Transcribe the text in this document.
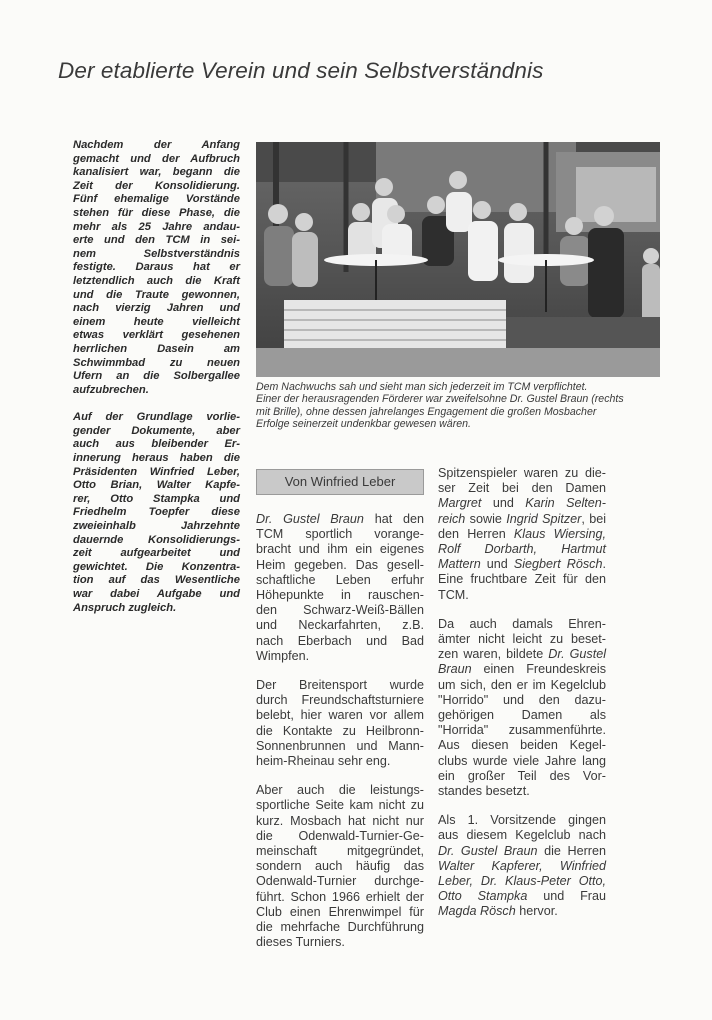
Der etablierte Verein und sein Selbstverständnis

Nachdem der Anfang
gemacht und der Aufbruch
kanalisiert war, begann die
Zeit der Konsolidierung.
Fünf ehemalige Vorstände
stehen für diese Phase, die
mehr als 25 Jahre andau-
erte und den TCM in sei-
nem Selbstverständnis
festigte. Daraus hat er
letztendlich auch die Kraft
und die Traute gewonnen,
nach vierzig Jahren und
einem heute vielleicht
etwas verklärt gesehenen
herrlichen Dasein am
Schwimmbad zu neuen
Ufern an die Solbergallee
aufzubrechen.

Auf der Grundlage vorlie-
gender Dokumente, aber
auch aus bleibender Er-
innerung heraus haben die
Präsidenten Winfried Leber,
Otto Brian, Walter Kapfe-
rer, Otto Stampka und
Friedhelm Toepfer diese
zweieinhalb Jahrzehnte
dauernde Konsolidierungs-
zeit aufgearbeitet und
gewichtet. Die Konzentra-
tion auf das Wesentliche
war dabei Aufgabe und
Anspruch zugleich.

Dem Nachwuchs sah und sieht man sich jederzeit im TCM verpflichtet.
Einer der herausragenden Förderer war zweifelsohne Dr. Gustel Braun (rechts
mit Brille), ohne dessen jahrelanges Engagement die großen Mosbacher
Erfolge seinerzeit undenkbar gewesen wären.
Von Winfried Leber

Dr. Gustel Braun hat den
TCM sportlich vorange-
bracht und ihm ein eigenes
Heim gegeben. Das gesell-
schaftliche Leben erfuhr
Höhepunkte in rauschen-
den Schwarz-Weiß-Bällen
und Neckarfahrten, z.B.
nach Eberbach und Bad
Wimpfen.

Der Breitensport wurde
durch Freundschaftsturniere
belebt, hier waren vor allem
die Kontakte zu Heilbronn-
Sonnenbrunnen und Mann-
heim-Rheinau sehr eng.

Aber auch die leistungs-
sportliche Seite kam nicht zu
kurz. Mosbach hat nicht nur
die Odenwald-Turnier-Ge-
meinschaft mitgegründet,
sondern auch häufig das
Odenwald-Turnier durchge-
führt. Schon 1966 erhielt der
Club einen Ehrenwimpel für
die mehrfache Durchführung
dieses Turniers.

Spitzenspieler waren zu die-
ser Zeit bei den Damen
Margret und Karin Selten-
reich sowie Ingrid Spitzer, bei
den Herren Klaus Wiersing,
Rolf Dorbarth, Hartmut
Mattern und Siegbert Rösch.
Eine fruchtbare Zeit für den
TCM.

Da auch damals Ehren-
ämter nicht leicht zu beset-
zen waren, bildete Dr. Gustel
Braun einen Freundeskreis
um sich, den er im Kegelclub
"Horrido" und den dazu-
gehörigen Damen als
"Horrida" zusammenführte.
Aus diesen beiden Kegel-
clubs wurde viele Jahre lang
ein großer Teil des Vor-
standes besetzt.

Als 1. Vorsitzende gingen
aus diesem Kegelclub nach
Dr. Gustel Braun die Herren
Walter Kapferer, Winfried
Leber, Dr. Klaus-Peter Otto,
Otto Stampka und Frau
Magda Rösch hervor.
